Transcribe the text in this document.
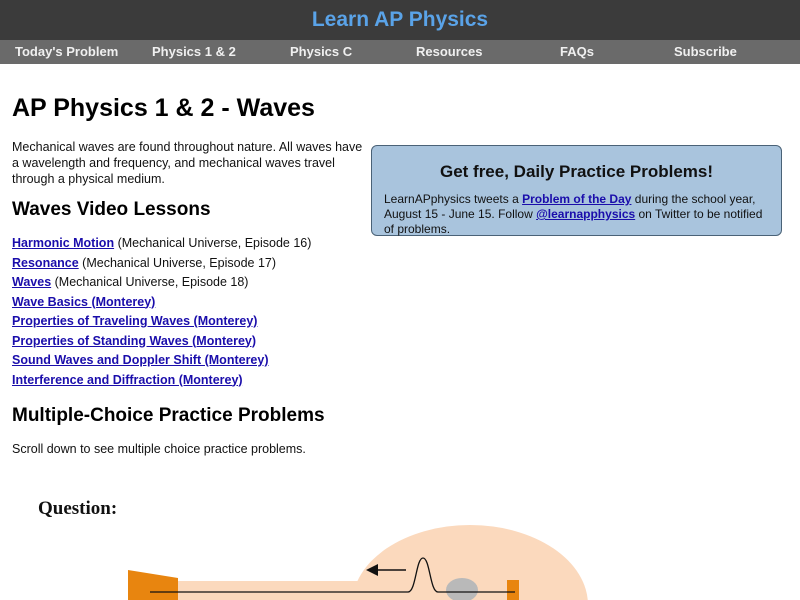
Learn AP Physics
Today's Problem	Physics 1 & 2	Physics C	Resources	FAQs	Subscribe
AP Physics 1 & 2 - Waves

Mechanical waves are found throughout nature. All waves have a wavelength and frequency, and mechanical waves travel through a physical medium.

Waves Video Lessons
Harmonic Motion (Mechanical Universe, Episode 16)
Resonance (Mechanical Universe, Episode 17)
Waves (Mechanical Universe, Episode 18)
Wave Basics (Monterey)
Properties of Traveling Waves (Monterey)
Properties of Standing Waves (Monterey)
Sound Waves and Doppler Shift (Monterey)
Interference and Diffraction (Monterey)
Multiple-Choice Practice Problems

Scroll down to see multiple choice practice problems.

Get free, Daily Practice Problems!
LearnAPphysics tweets a Problem of the Day during the school year, August 15 - June 15. Follow @learnapphysics on Twitter to be notified of problems.
Question:
